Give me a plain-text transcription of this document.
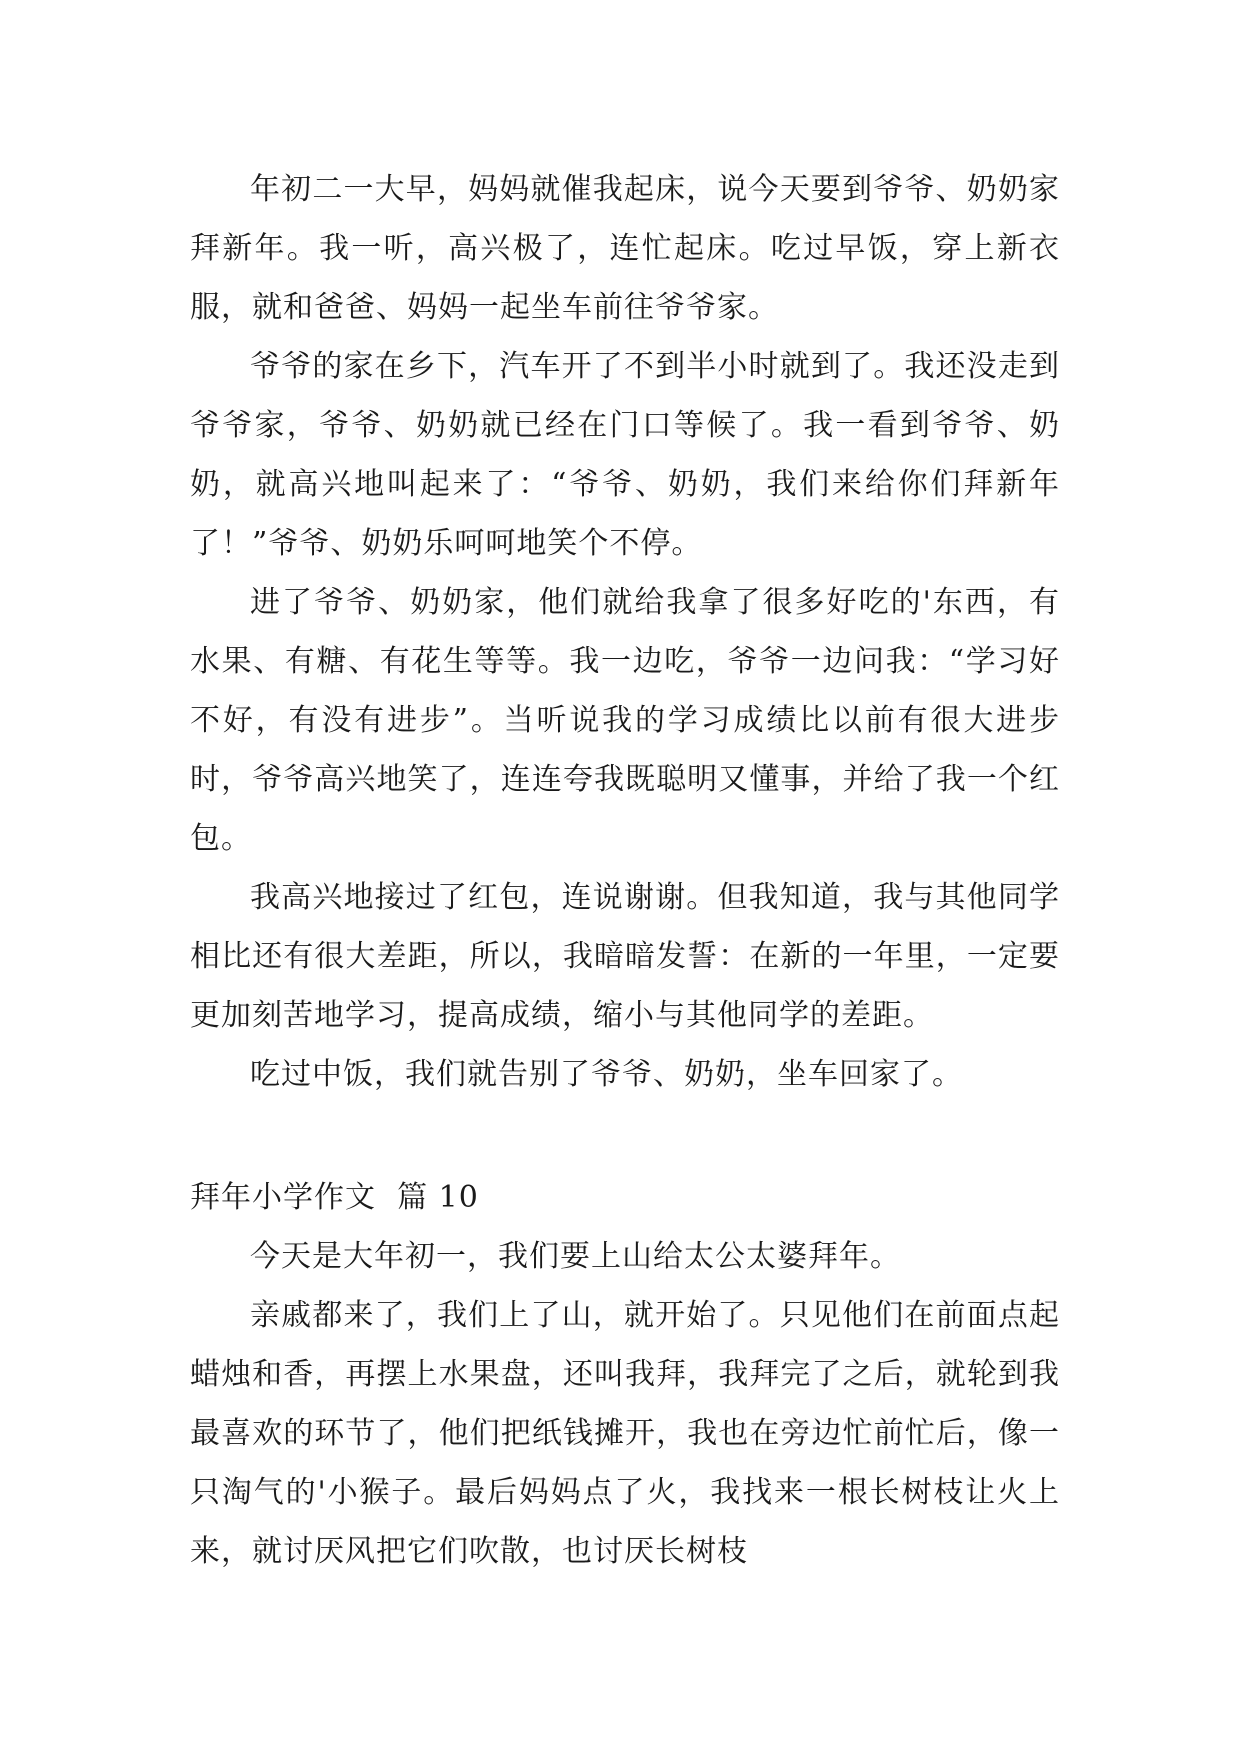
年初二一大早，妈妈就催我起床，说今天要到爷爷、奶奶家拜新年。我一听，高兴极了，连忙起床。吃过早饭，穿上新衣服，就和爸爸、妈妈一起坐车前往爷爷家。

爷爷的家在乡下，汽车开了不到半小时就到了。我还没走到爷爷家，爷爷、奶奶就已经在门口等候了。我一看到爷爷、奶奶，就高兴地叫起来了：“爷爷、奶奶，我们来给你们拜新年了！”爷爷、奶奶乐呵呵地笑个不停。

进了爷爷、奶奶家，他们就给我拿了很多好吃的'东西，有水果、有糖、有花生等等。我一边吃，爷爷一边问我：“学习好不好，有没有进步”。当听说我的学习成绩比以前有很大进步时，爷爷高兴地笑了，连连夸我既聪明又懂事，并给了我一个红包。

我高兴地接过了红包，连说谢谢。但我知道，我与其他同学相比还有很大差距，所以，我暗暗发誓：在新的一年里，一定要更加刻苦地学习，提高成绩，缩小与其他同学的差距。

吃过中饭，我们就告别了爷爷、奶奶，坐车回家了。

拜年小学作文  篇 10

今天是大年初一，我们要上山给太公太婆拜年。

亲戚都来了，我们上了山，就开始了。只见他们在前面点起蜡烛和香，再摆上水果盘，还叫我拜，我拜完了之后，就轮到我最喜欢的环节了，他们把纸钱摊开，我也在旁边忙前忙后，像一只淘气的'小猴子。最后妈妈点了火，我找来一根长树枝让火上来，就讨厌风把它们吹散，也讨厌长树枝
